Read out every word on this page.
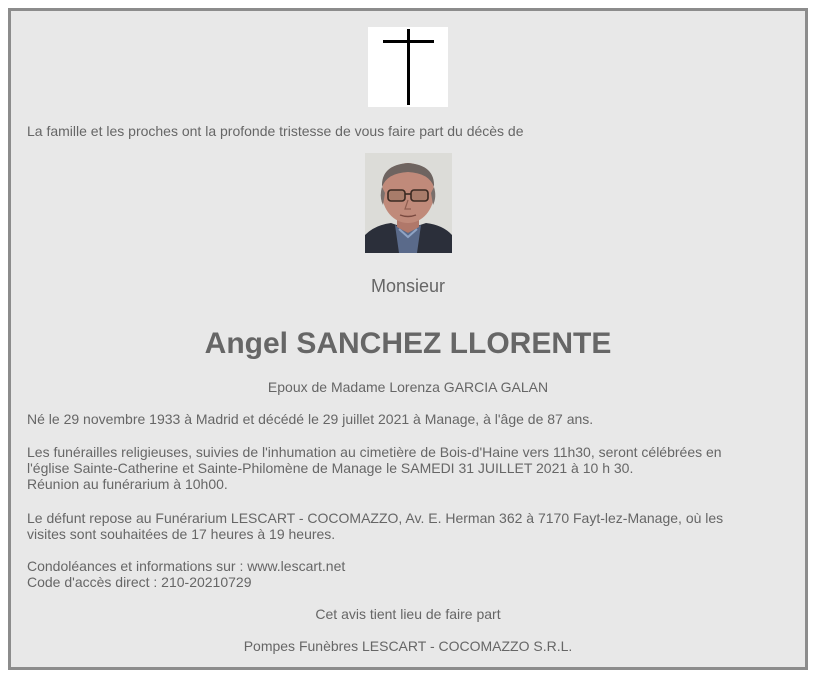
La famille et les proches ont la profonde tristesse de vous faire part du décès de
Monsieur
Angel SANCHEZ LLORENTE
Epoux de Madame Lorenza GARCIA GALAN
Né le 29 novembre 1933 à Madrid et décédé le 29 juillet 2021 à Manage, à l'âge de 87 ans.
Les funérailles religieuses, suivies de l'inhumation au cimetière de Bois-d'Haine vers 11h30, seront célébrées en
l'église Sainte-Catherine et Sainte-Philomène de Manage le SAMEDI 31 JUILLET 2021 à 10 h 30.
Réunion au funérarium à 10h00.
Le défunt repose au Funérarium LESCART - COCOMAZZO, Av. E. Herman 362 à 7170 Fayt-lez-Manage, où les
visites sont souhaitées de 17 heures à 19 heures.
Condoléances et informations sur : www.lescart.net
Code d'accès direct : 210-20210729
Cet avis tient lieu de faire part
Pompes Funèbres LESCART - COCOMAZZO S.R.L.
